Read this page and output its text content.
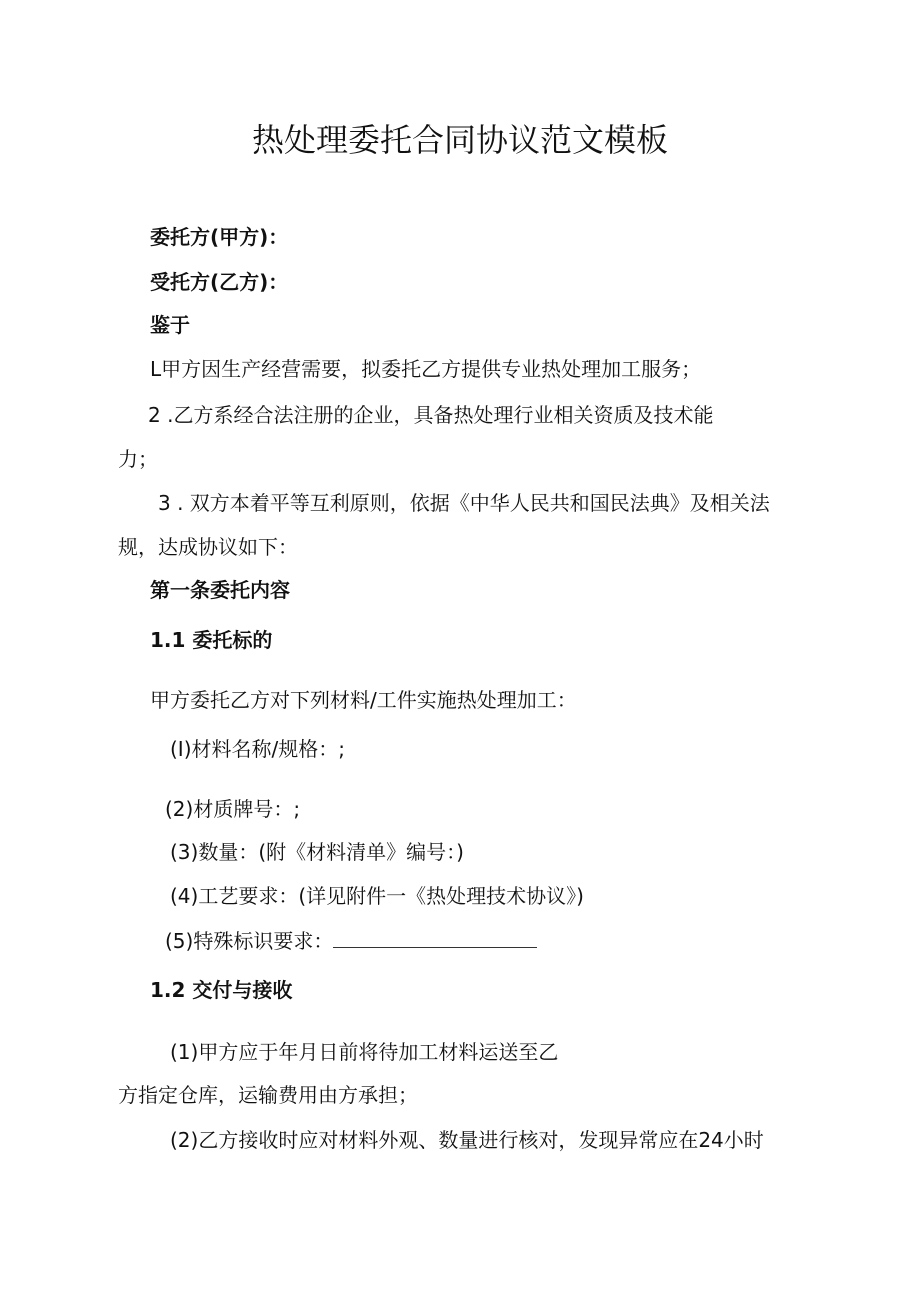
热处理委托合同协议范文模板
委托方(甲方)：
受托方(乙方)：
鉴于
L甲方因生产经营需要，拟委托乙方提供专业热处理加工服务；
2 .乙方系经合法注册的企业，具备热处理行业相关资质及技术能
力；
3 . 双方本着平等互利原则，依据《中华人民共和国民法典》及相关法
规，达成协议如下：
第一条委托内容
1.1 委托标的
甲方委托乙方对下列材料/工件实施热处理加工：
(I)材料名称/规格：;
(2)材质牌号：;
(3)数量：(附《材料清单》编号：)
(4)工艺要求：(详见附件一《热处理技术协议》)
(5)特殊标识要求：
1.2 交付与接收
(1)甲方应于年月日前将待加工材料运送至乙
方指定仓库，运输费用由方承担；
(2)乙方接收时应对材料外观、数量进行核对，发现异常应在24小时
